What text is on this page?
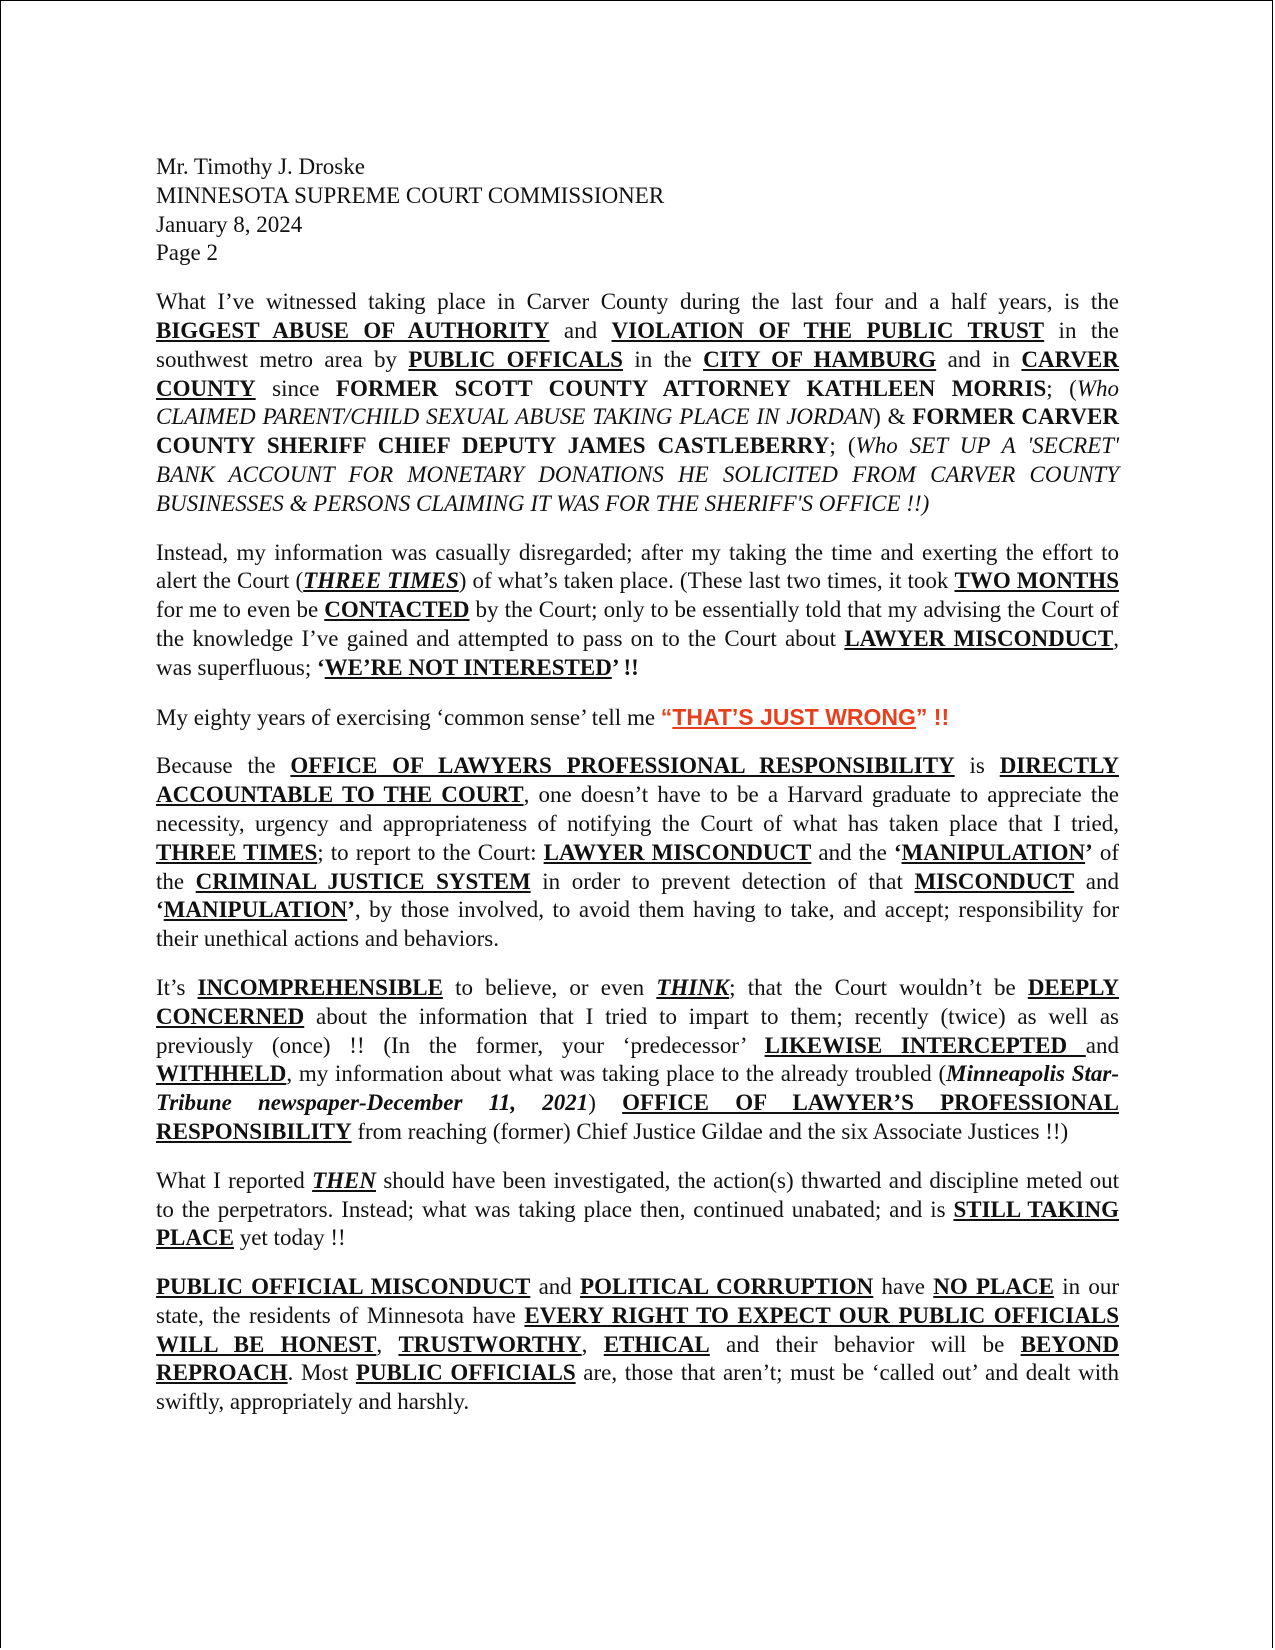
Mr. Timothy J. Droske

MINNESOTA SUPREME COURT COMMISSIONER

January 8, 2024

Page 2

What I’ve witnessed taking place in Carver County during the last four and a half years, is the BIGGEST ABUSE OF AUTHORITY and VIOLATION OF THE PUBLIC TRUST in the southwest metro area by PUBLIC OFFICALS in the CITY OF HAMBURG and in CARVER COUNTY since FORMER SCOTT COUNTY ATTORNEY KATHLEEN MORRIS; (Who CLAIMED PARENT/CHILD SEXUAL ABUSE TAKING PLACE IN JORDAN) & FORMER CARVER COUNTY SHERIFF CHIEF DEPUTY JAMES CASTLEBERRY; (Who SET UP A 'SECRET' BANK ACCOUNT FOR MONETARY DONATIONS HE SOLICITED FROM CARVER COUNTY BUSINESSES & PERSONS CLAIMING IT WAS FOR THE SHERIFF'S OFFICE !!)

Instead, my information was casually disregarded; after my taking the time and exerting the effort to alert the Court (THREE TIMES) of what’s taken place. (These last two times, it took TWO MONTHS for me to even be CONTACTED by the Court; only to be essentially told that my advising the Court of the knowledge I’ve gained and attempted to pass on to the Court about LAWYER MISCONDUCT, was superfluous; ‘WE’RE NOT INTERESTED’ !!

My eighty years of exercising ‘common sense’ tell me “THAT’S JUST WRONG” !!

Because the OFFICE OF LAWYERS PROFESSIONAL RESPONSIBILITY is DIRECTLY ACCOUNTABLE TO THE COURT, one doesn’t have to be a Harvard graduate to appreciate the necessity, urgency and appropriateness of notifying the Court of what has taken place that I tried, THREE TIMES; to report to the Court: LAWYER MISCONDUCT and the ‘MANIPULATION’ of the CRIMINAL JUSTICE SYSTEM in order to prevent detection of that MISCONDUCT and ‘MANIPULATION’, by those involved, to avoid them having to take, and accept; responsibility for their unethical actions and behaviors.

It’s INCOMPREHENSIBLE to believe, or even THINK; that the Court wouldn’t be DEEPLY CONCERNED about the information that I tried to impart to them; recently (twice) as well as previously (once) !! (In the former, your ‘predecessor’ LIKEWISE INTERCEPTED and WITHHELD, my information about what was taking place to the already troubled (Minneapolis Star-Tribune newspaper-December 11, 2021) OFFICE OF LAWYER’S PROFESSIONAL RESPONSIBILITY from reaching (former) Chief Justice Gildae and the six Associate Justices !!)

What I reported THEN should have been investigated, the action(s) thwarted and discipline meted out to the perpetrators. Instead; what was taking place then, continued unabated; and is STILL TAKING PLACE yet today !!

PUBLIC OFFICIAL MISCONDUCT and POLITICAL CORRUPTION have NO PLACE in our state, the residents of Minnesota have EVERY RIGHT TO EXPECT OUR PUBLIC OFFICIALS WILL BE HONEST, TRUSTWORTHY, ETHICAL and their behavior will be BEYOND REPROACH. Most PUBLIC OFFICIALS are, those that aren’t; must be ‘called out’ and dealt with swiftly, appropriately and harshly.
